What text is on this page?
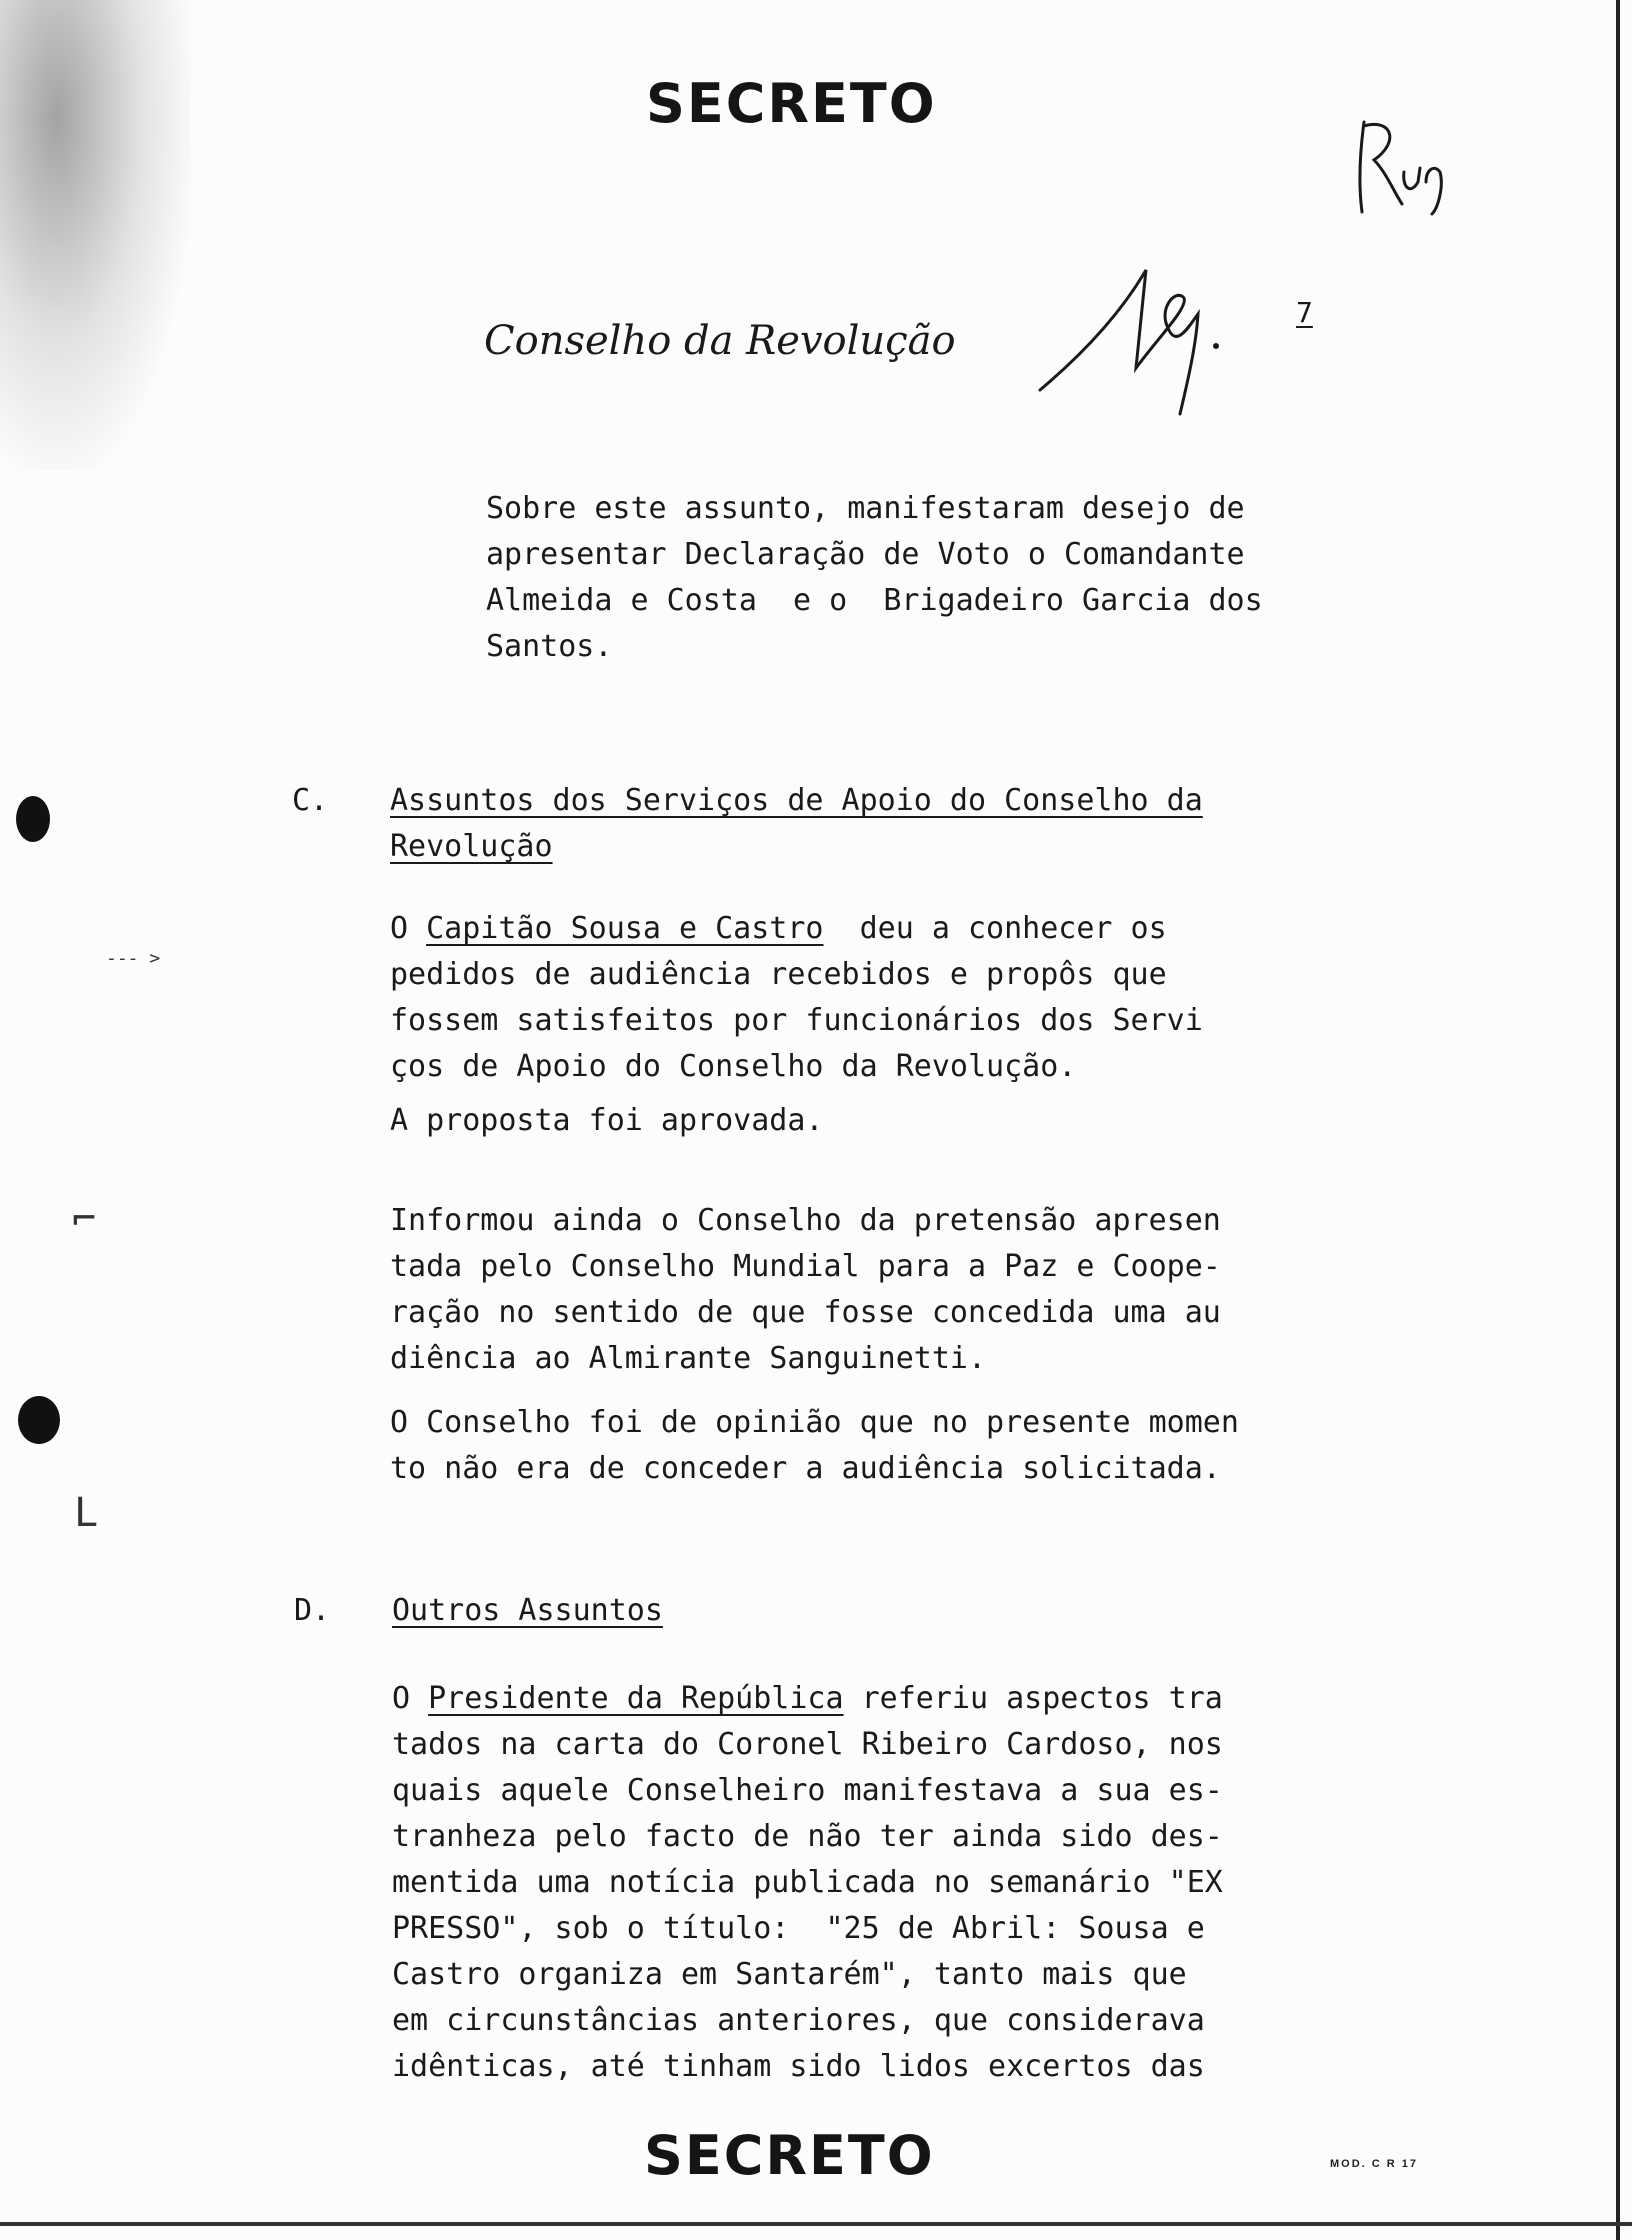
SECRETO
Conselho da Revolução
7
Sobre este assunto, manifestaram desejo de
apresentar Declaração de Voto o Comandante
Almeida e Costa  e o  Brigadeiro Garcia dos
Santos.
C. Assuntos dos Serviços de Apoio do Conselho da
Revolução
O Capitão Sousa e Castro  deu a conhecer os
pedidos de audiência recebidos e propôs que
fossem satisfeitos por funcionários dos Servi
ços de Apoio do Conselho da Revolução.
A proposta foi aprovada.
Informou ainda o Conselho da pretensão apresen
tada pelo Conselho Mundial para a Paz e Coope-
ração no sentido de que fosse concedida uma au
diência ao Almirante Sanguinetti.
O Conselho foi de opinião que no presente momen
to não era de conceder a audiência solicitada.
D. Outros Assuntos
O Presidente da República referiu aspectos tra
tados na carta do Coronel Ribeiro Cardoso, nos
quais aquele Conselheiro manifestava a sua es-
tranheza pelo facto de não ter ainda sido des-
mentida uma notícia publicada no semanário "EX
PRESSO", sob o título:  "25 de Abril: Sousa e
Castro organiza em Santarém", tanto mais que
em circunstâncias anteriores, que considerava
idênticas, até tinham sido lidos excertos das
SECRETO	MOD. C R 17
--- >
⌐
L
